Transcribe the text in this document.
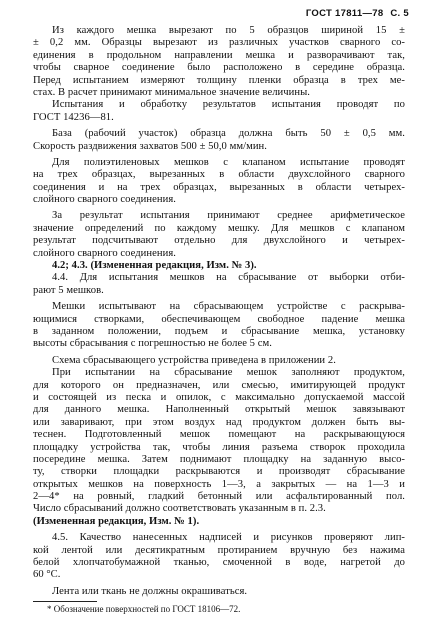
ГОСТ 17811—78 С. 5
Из каждого мешка вырезают по 5 образцов шириной 15 ±
± 0,2 мм. Образцы вырезают из различных участков сварного со-
единения в продольном направлении мешка и разворачивают так,
чтобы сварное соединение было расположено в середине образца.
Перед испытанием измеряют толщину пленки образца в трех ме-
стах. В расчет принимают минимальное значение величины.
Испытания и обработку результатов испытания проводят по
ГОСТ 14236—81.
База (рабочий участок) образца должна быть 50 ± 0,5 мм.
Скорость раздвижения захватов 500 ± 50,0 мм/мин.
Для полиэтиленовых мешков с клапаном испытание проводят
на трех образцах, вырезанных в области двухслойного сварного
соединения и на трех образцах, вырезанных в области четырех-
слойного сварного соединения.
За результат испытания принимают среднее арифметическое
значение определений по каждому мешку. Для мешков с клапаном
результат подсчитывают отдельно для двухслойного и четырех-
слойного сварного соединения.
4.2; 4.3. (Измененная редакция, Изм. № 3).
4.4. Для испытания мешков на сбрасывание от выборки отби-
рают 5 мешков.
Мешки испытывают на сбрасывающем устройстве с раскрыва-
ющимися створками, обеспечивающем свободное падение мешка
в заданном положении, подъем и сбрасывание мешка, установку
высоты сбрасывания с погрешностью не более 5 см.
Схема сбрасывающего устройства приведена в приложении 2.
При испытании на сбрасывание мешок заполняют продуктом,
для которого он предназначен, или смесью, имитирующей продукт
и состоящей из песка и опилок, с максимально допускаемой массой
для данного мешка. Наполненный открытый мешок завязывают
или заваривают, при этом воздух над продуктом должен быть вы-
теснен. Подготовленный мешок помещают на раскрывающуюся
площадку устройства так, чтобы линия разъема створок проходила
посередине мешка. Затем поднимают площадку на заданную высо-
ту, створки площадки раскрываются и производят сбрасывание
открытых мешков на поверхность 1—3, а закрытых — на 1—3 и
2—4* на ровный, гладкий бетонный или асфальтированный пол.
Число сбрасываний должно соответствовать указанным в п. 2.3.
(Измененная редакция, Изм. № 1).
4.5. Качество нанесенных надписей и рисунков проверяют лип-
кой лентой или десятикратным протиранием вручную без нажима
белой хлопчатобумажной тканью, смоченной в воде, нагретой до
60 °С.
Лента или ткань не должны окрашиваться.
* Обозначение поверхностей по ГОСТ 18106—72.
